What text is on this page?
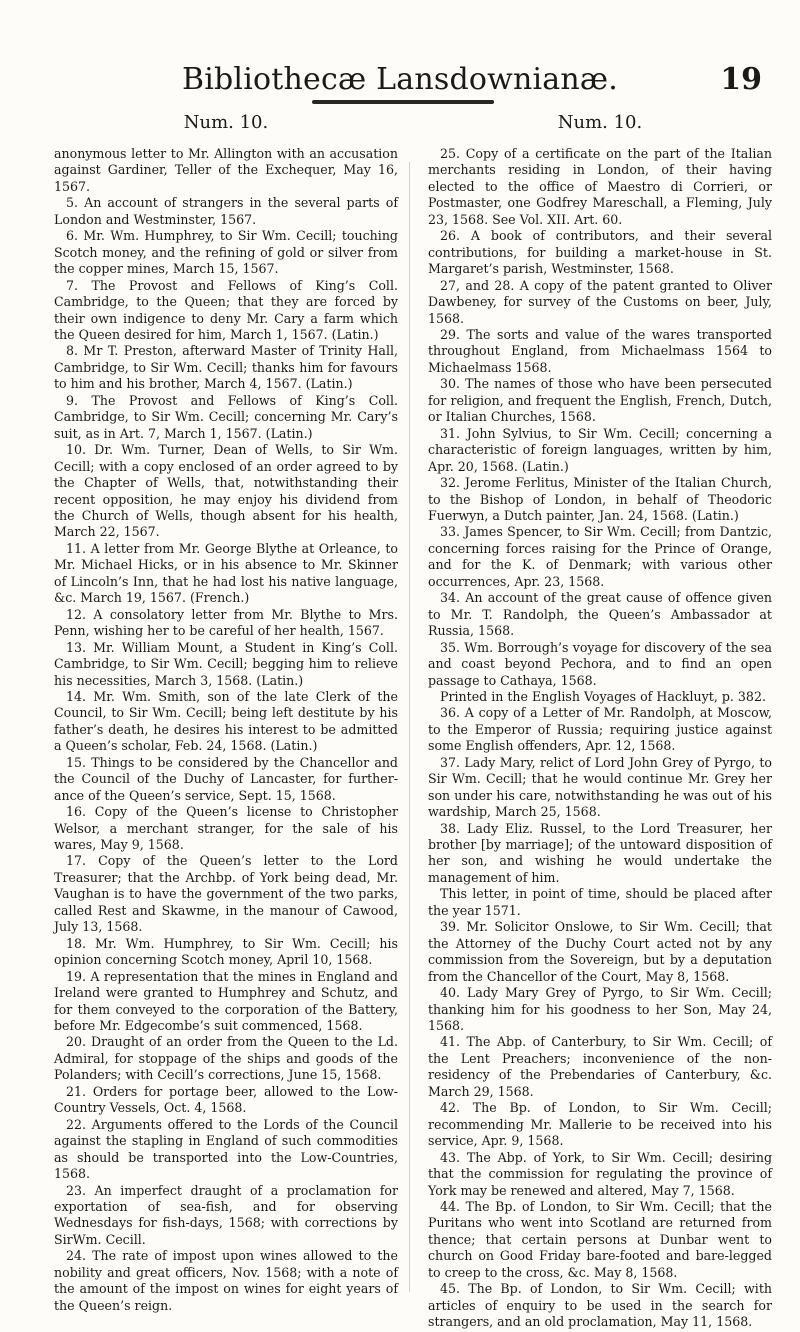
Bibliothecæ Lansdownianæ.	19
Num. 10.

anonymous letter to Mr. Allington with an accusation against Gardiner, Teller of the Exchequer, May 16, 1567.

5. An account of strangers in the several parts of London and Westminster, 1567.

6. Mr. Wm. Humphrey, to Sir Wm. Cecill; touching Scotch money, and the refining of gold or silver from the copper mines, March 15, 1567.

7. The Provost and Fellows of King’s Coll. Cambridge, to the Queen; that they are forced by their own indigence to deny Mr. Cary a farm which the Queen desired for him, March 1, 1567. (Latin.)

8. Mr T. Preston, afterward Master of Trinity Hall, Cambridge, to Sir Wm. Cecill; thanks him for favours to him and his brother, March 4, 1567. (Latin.)

9. The Provost and Fellows of King’s Coll. Cambridge, to Sir Wm. Cecill; concerning Mr. Cary’s suit, as in Art. 7, March 1, 1567. (Latin.)

10. Dr. Wm. Turner, Dean of Wells, to Sir Wm. Cecill; with a copy enclosed of an order agreed to by the Chapter of Wells, that, notwithstanding their recent opposition, he may enjoy his dividend from the Church of Wells, though absent for his health, March 22, 1567.

11. A letter from Mr. George Blythe at Orleance, to Mr. Michael Hicks, or in his absence to Mr. Skinner of Lincoln’s Inn, that he had lost his native language, &c. March 19, 1567. (French.)

12. A consolatory letter from Mr. Blythe to Mrs. Penn, wishing her to be careful of her health, 1567.

13. Mr. William Mount, a Student in King’s Coll. Cambridge, to Sir Wm. Cecill; begging him to relieve his necessities, March 3, 1568. (Latin.)

14. Mr. Wm. Smith, son of the late Clerk of the Council, to Sir Wm. Cecill; being left destitute by his father’s death, he desires his interest to be admitted a Queen’s scholar, Feb. 24, 1568. (Latin.)

15. Things to be considered by the Chancellor and the Council of the Duchy of Lancaster, for further-ance of the Queen’s service, Sept. 15, 1568.

16. Copy of the Queen’s license to Christopher Welsor, a merchant stranger, for the sale of his wares, May 9, 1568.

17. Copy of the Queen’s letter to the Lord Treasurer; that the Archbp. of York being dead, Mr. Vaughan is to have the government of the two parks, called Rest and Skawme, in the manour of Cawood, July 13, 1568.

18. Mr. Wm. Humphrey, to Sir Wm. Cecill; his opinion concerning Scotch money, April 10, 1568.

19. A representation that the mines in England and Ireland were granted to Humphrey and Schutz, and for them conveyed to the corporation of the Battery, before Mr. Edgecombe’s suit commenced, 1568.

20. Draught of an order from the Queen to the Ld. Admiral, for stoppage of the ships and goods of the Polanders; with Cecill’s corrections, June 15, 1568.

21. Orders for portage beer, allowed to the Low-Country Vessels, Oct. 4, 1568.

22. Arguments offered to the Lords of the Council against the stapling in England of such commodities as should be transported into the Low-Countries, 1568.

23. An imperfect draught of a proclamation for exportation of sea-fish, and for observing Wednesdays for fish-days, 1568; with corrections by SirWm. Cecill.

24. The rate of impost upon wines allowed to the nobility and great officers, Nov. 1568; with a note of the amount of the impost on wines for eight years of the Queen’s reign.

Num. 10.

25. Copy of a certificate on the part of the Italian merchants residing in London, of their having elected to the office of Maestro di Corrieri, or Postmaster, one Godfrey Mareschall, a Fleming, July 23, 1568. See Vol. XII. Art. 60.

26. A book of contributors, and their several contributions, for building a market-house in St. Margaret’s parish, Westminster, 1568.

27, and 28. A copy of the patent granted to Oliver Dawbeney, for survey of the Customs on beer, July, 1568.

29. The sorts and value of the wares transported throughout England, from Michaelmass 1564 to Michaelmass 1568.

30. The names of those who have been persecuted for religion, and frequent the English, French, Dutch, or Italian Churches, 1568.

31. John Sylvius, to Sir Wm. Cecill; concerning a characteristic of foreign languages, written by him, Apr. 20, 1568. (Latin.)

32. Jerome Ferlitus, Minister of the Italian Church, to the Bishop of London, in behalf of Theodoric Fuerwyn, a Dutch painter, Jan. 24, 1568. (Latin.)

33. James Spencer, to Sir Wm. Cecill; from Dantzic, concerning forces raising for the Prince of Orange, and for the K. of Denmark; with various other occurrences, Apr. 23, 1568.

34. An account of the great cause of offence given to Mr. T. Randolph, the Queen’s Ambassador at Russia, 1568.

35. Wm. Borrough’s voyage for discovery of the sea and coast beyond Pechora, and to find an open passage to Cathaya, 1568.

Printed in the English Voyages of Hackluyt, p. 382.

36. A copy of a Letter of Mr. Randolph, at Moscow, to the Emperor of Russia; requiring justice against some English offenders, Apr. 12, 1568.

37. Lady Mary, relict of Lord John Grey of Pyrgo, to Sir Wm. Cecill; that he would continue Mr. Grey her son under his care, notwithstanding he was out of his wardship, March 25, 1568.

38. Lady Eliz. Russel, to the Lord Treasurer, her brother [by marriage]; of the untoward disposition of her son, and wishing he would undertake the management of him.

This letter, in point of time, should be placed after the year 1571.

39. Mr. Solicitor Onslowe, to Sir Wm. Cecill; that the Attorney of the Duchy Court acted not by any commission from the Sovereign, but by a deputation from the Chancellor of the Court, May 8, 1568.

40. Lady Mary Grey of Pyrgo, to Sir Wm. Cecill; thanking him for his goodness to her Son, May 24, 1568.

41. The Abp. of Canterbury, to Sir Wm. Cecill; of the Lent Preachers; inconvenience of the non-residency of the Prebendaries of Canterbury, &c. March 29, 1568.

42. The Bp. of London, to Sir Wm. Cecill; recommending Mr. Mallerie to be received into his service, Apr. 9, 1568.

43. The Abp. of York, to Sir Wm. Cecill; desiring that the commission for regulating the province of York may be renewed and altered, May 7, 1568.

44. The Bp. of London, to Sir Wm. Cecill; that the Puritans who went into Scotland are returned from thence; that certain persons at Dunbar went to church on Good Friday bare-footed and bare-legged to creep to the cross, &c. May 8, 1568.

45. The Bp. of London, to Sir Wm. Cecill; with articles of enquiry to be used in the search for strangers, and an old proclamation, May 11, 1568.
